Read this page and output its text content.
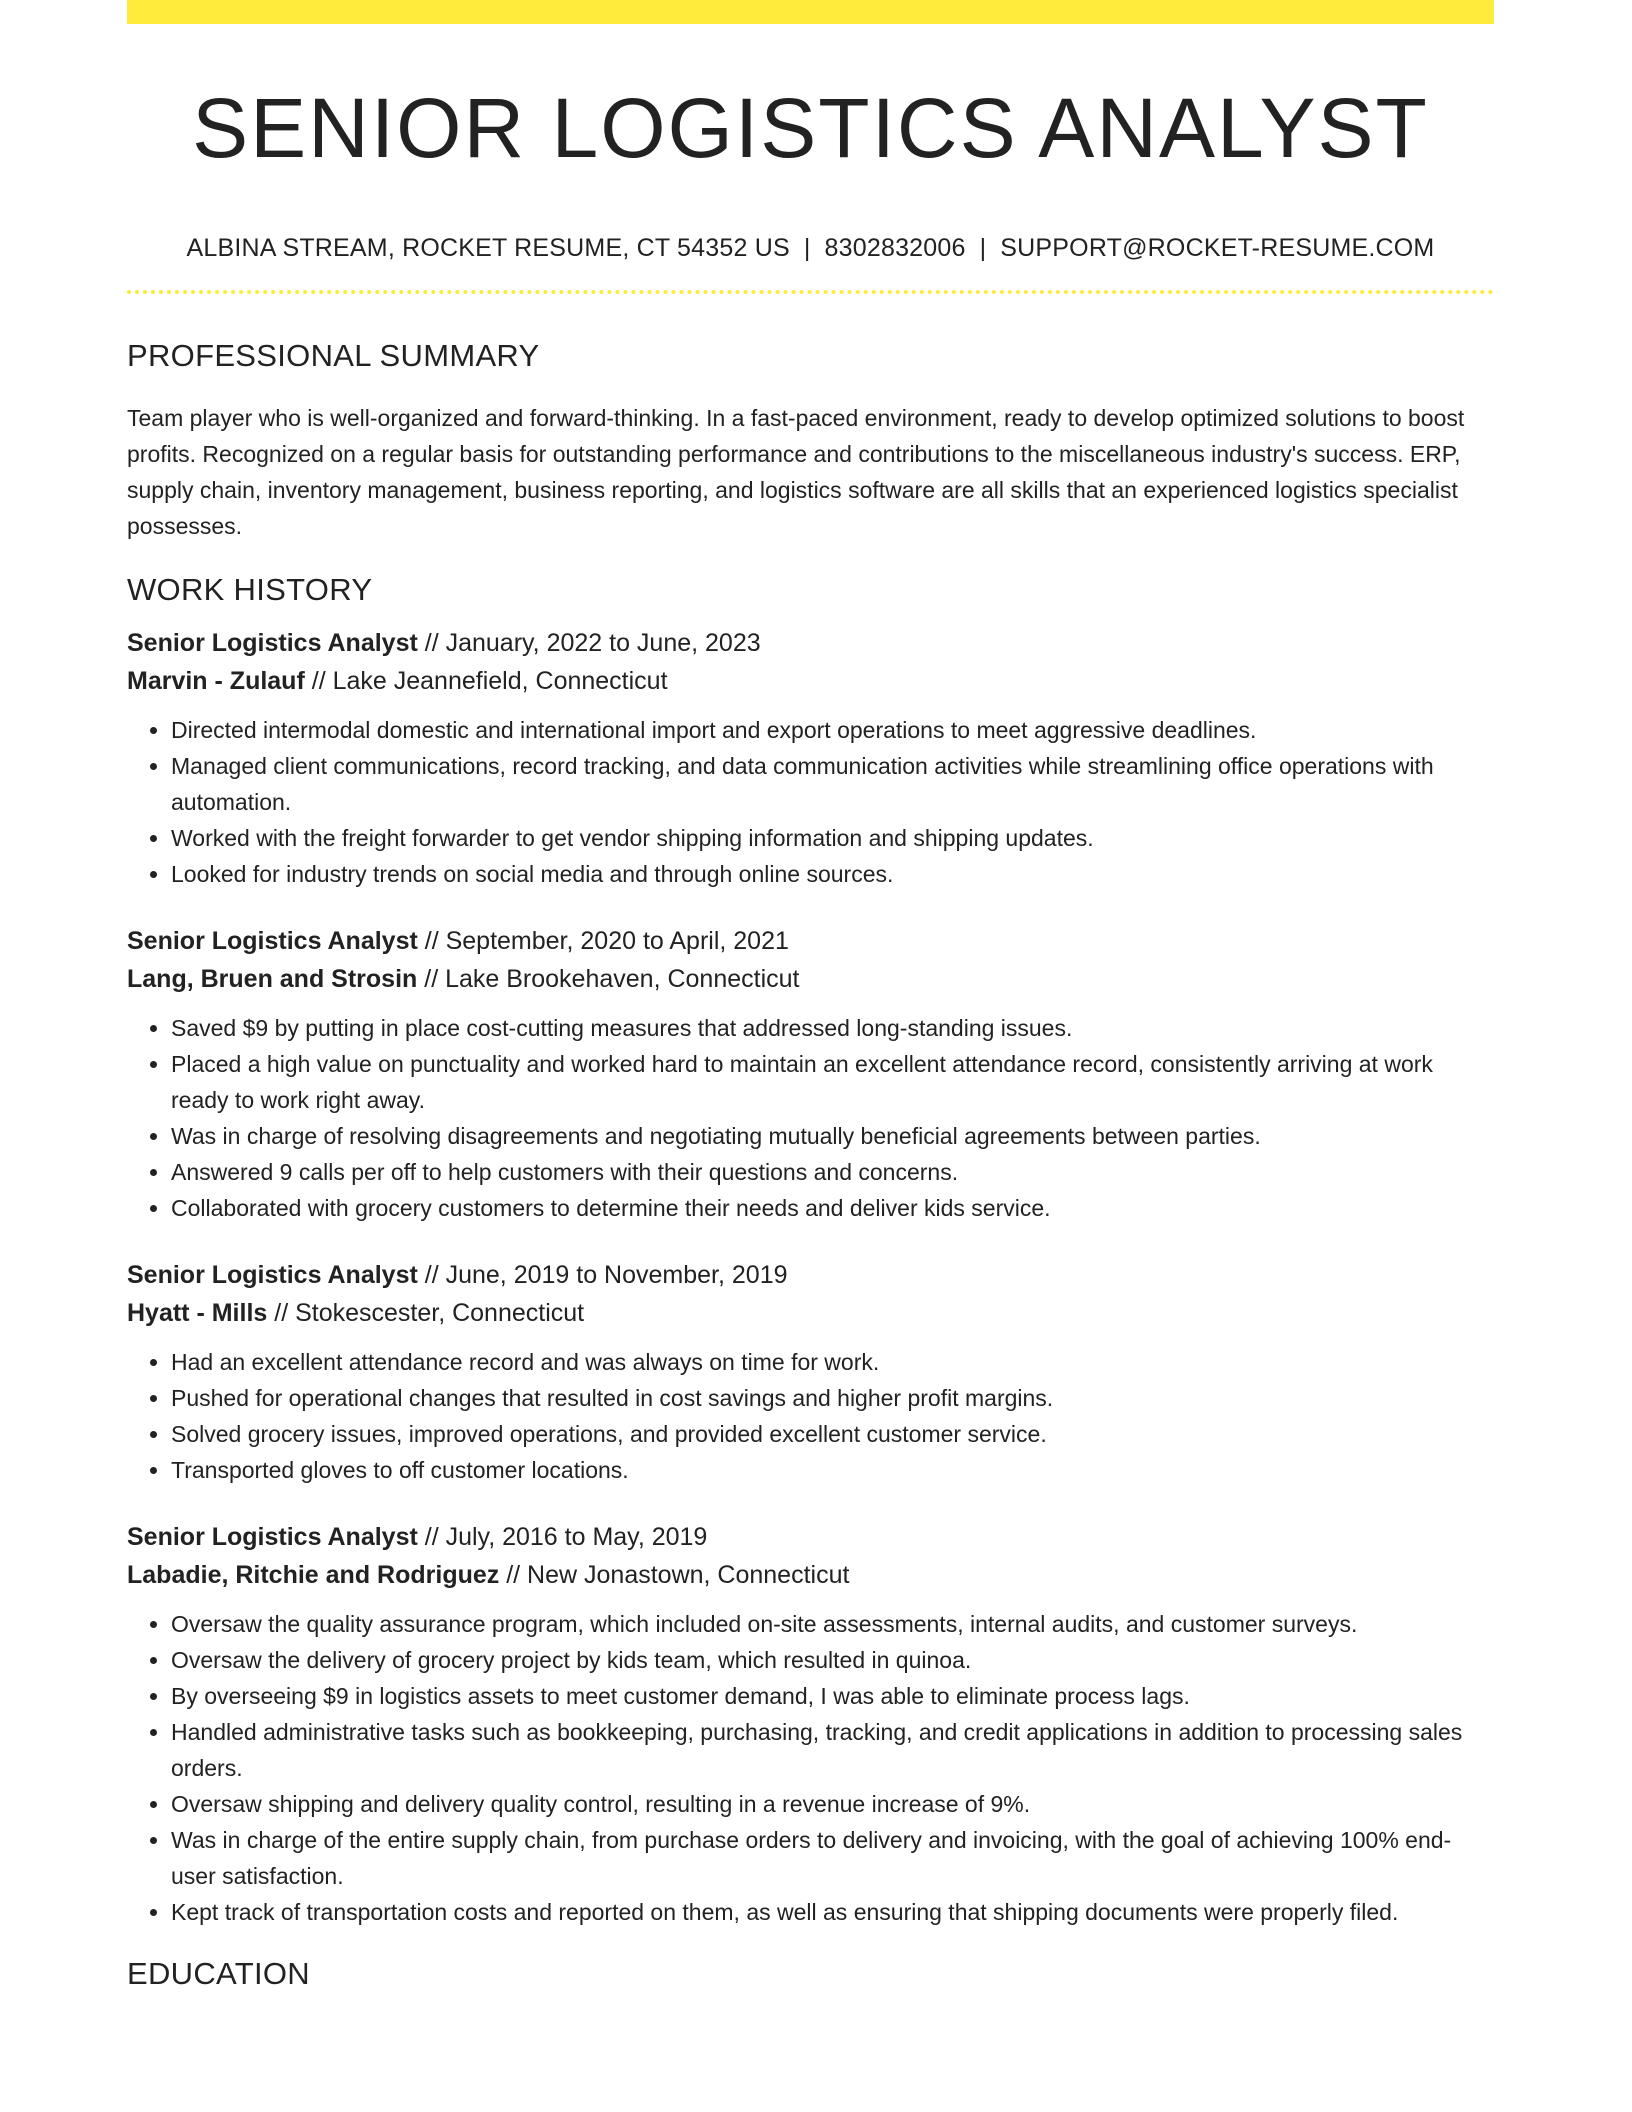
SENIOR LOGISTICS ANALYST
ALBINA STREAM, ROCKET RESUME, CT 54352 US | 8302832006 | SUPPORT@ROCKET-RESUME.COM
PROFESSIONAL SUMMARY

Team player who is well-organized and forward-thinking. In a fast-paced environment, ready to develop optimized solutions to boost profits. Recognized on a regular basis for outstanding performance and contributions to the miscellaneous industry's success. ERP, supply chain, inventory management, business reporting, and logistics software are all skills that an experienced logistics specialist possesses.

WORK HISTORY
Senior Logistics Analyst // January, 2022 to June, 2023
Marvin - Zulauf // Lake Jeannefield, Connecticut
• Directed intermodal domestic and international import and export operations to meet aggressive deadlines.
• Managed client communications, record tracking, and data communication activities while streamlining office operations with automation.
• Worked with the freight forwarder to get vendor shipping information and shipping updates.
• Looked for industry trends on social media and through online sources.
Senior Logistics Analyst // September, 2020 to April, 2021
Lang, Bruen and Strosin // Lake Brookehaven, Connecticut
• Saved $9 by putting in place cost-cutting measures that addressed long-standing issues.
• Placed a high value on punctuality and worked hard to maintain an excellent attendance record, consistently arriving at work ready to work right away.
• Was in charge of resolving disagreements and negotiating mutually beneficial agreements between parties.
• Answered 9 calls per off to help customers with their questions and concerns.
• Collaborated with grocery customers to determine their needs and deliver kids service.
Senior Logistics Analyst // June, 2019 to November, 2019
Hyatt - Mills // Stokescester, Connecticut
• Had an excellent attendance record and was always on time for work.
• Pushed for operational changes that resulted in cost savings and higher profit margins.
• Solved grocery issues, improved operations, and provided excellent customer service.
• Transported gloves to off customer locations.
Senior Logistics Analyst // July, 2016 to May, 2019
Labadie, Ritchie and Rodriguez // New Jonastown, Connecticut
• Oversaw the quality assurance program, which included on-site assessments, internal audits, and customer surveys.
• Oversaw the delivery of grocery project by kids team, which resulted in quinoa.
• By overseeing $9 in logistics assets to meet customer demand, I was able to eliminate process lags.
• Handled administrative tasks such as bookkeeping, purchasing, tracking, and credit applications in addition to processing sales orders.
• Oversaw shipping and delivery quality control, resulting in a revenue increase of 9%.
• Was in charge of the entire supply chain, from purchase orders to delivery and invoicing, with the goal of achieving 100% end-user satisfaction.
• Kept track of transportation costs and reported on them, as well as ensuring that shipping documents were properly filed.
EDUCATION
